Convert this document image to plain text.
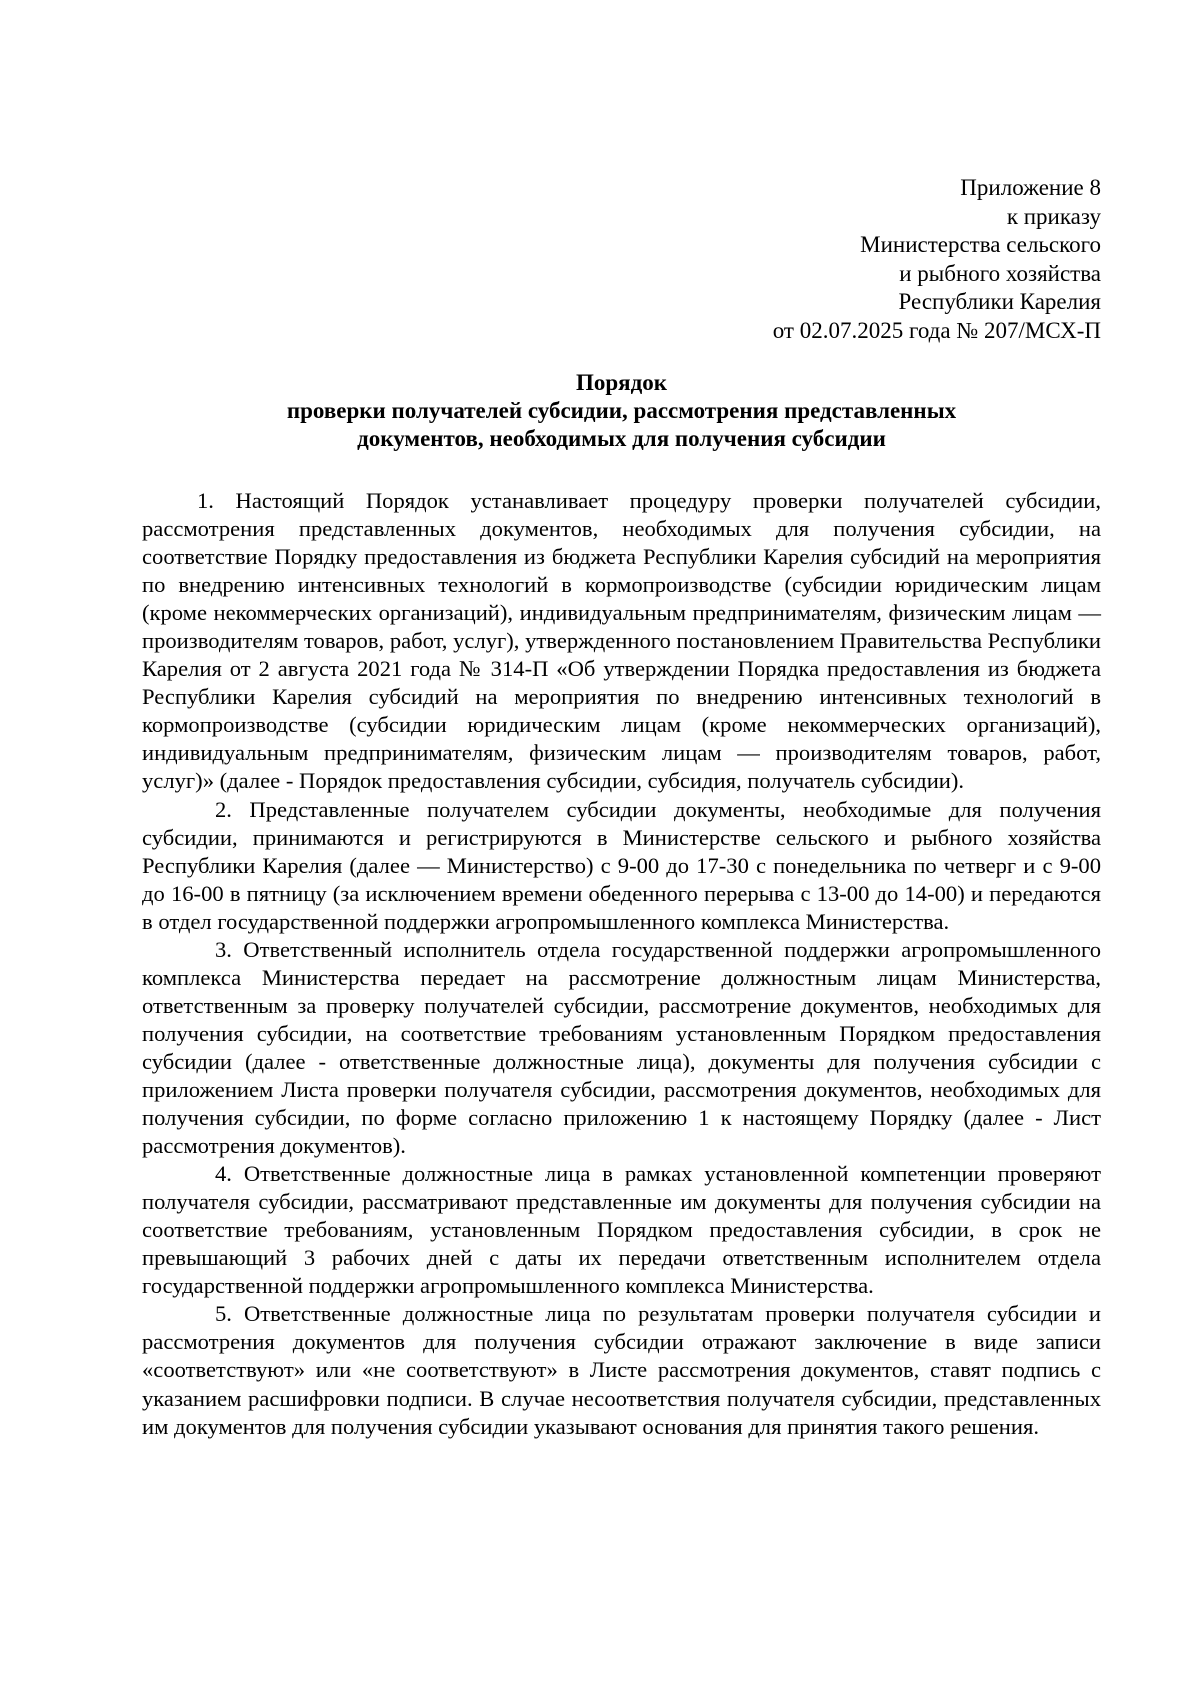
Приложение 8
к приказу
Министерства сельского
и рыбного хозяйства
Республики Карелия
от 02.07.2025 года № 207/МСХ-П
Порядок
проверки получателей субсидии, рассмотрения представленных
документов, необходимых для получения субсидии

1. Настоящий Порядок устанавливает процедуру проверки получателей субсидии, рассмотрения представленных документов, необходимых для получения субсидии, на соответствие Порядку предоставления из бюджета Республики Карелия субсидий на мероприятия по внедрению интенсивных технологий в кормопроизводстве (субсидии юридическим лицам (кроме некоммерческих организаций), индивидуальным предпринимателям, физическим лицам — производителям товаров, работ, услуг), утвержденного постановлением Правительства Республики Карелия от 2 августа 2021 года № 314-П «Об утверждении Порядка предоставления из бюджета Республики Карелия субсидий на мероприятия по внедрению интенсивных технологий в кормопроизводстве (субсидии юридическим лицам (кроме некоммерческих организаций), индивидуальным предпринимателям, физическим лицам — производителям товаров, работ, услуг)» (далее - Порядок предоставления субсидии, субсидия, получатель субсидии).

2. Представленные получателем субсидии документы, необходимые для получения субсидии, принимаются и регистрируются в Министерстве сельского и рыбного хозяйства Республики Карелия (далее — Министерство) с 9-00 до 17-30 с понедельника по четверг и с 9-00 до 16-00 в пятницу (за исключением времени обеденного перерыва с 13-00 до 14-00) и передаются в отдел государственной поддержки агропромышленного комплекса Министерства.

3. Ответственный исполнитель отдела государственной поддержки агропромышленного комплекса Министерства передает на рассмотрение должностным лицам Министерства, ответственным за проверку получателей субсидии, рассмотрение документов, необходимых для получения субсидии, на соответствие требованиям установленным Порядком предоставления субсидии (далее - ответственные должностные лица), документы для получения субсидии с приложением Листа проверки получателя субсидии, рассмотрения документов, необходимых для получения субсидии, по форме согласно приложению 1 к настоящему Порядку (далее - Лист рассмотрения документов).

4. Ответственные должностные лица в рамках установленной компетенции проверяют получателя субсидии, рассматривают представленные им документы для получения субсидии на соответствие требованиям, установленным Порядком предоставления субсидии, в срок не превышающий 3 рабочих дней с даты их передачи ответственным исполнителем отдела государственной поддержки агропромышленного комплекса Министерства.

5. Ответственные должностные лица по результатам проверки получателя субсидии и рассмотрения документов для получения субсидии отражают заключение в виде записи «соответствуют» или «не соответствуют» в Листе рассмотрения документов, ставят подпись с указанием расшифровки подписи. В случае несоответствия получателя субсидии, представленных им документов для получения субсидии указывают основания для принятия такого решения.
